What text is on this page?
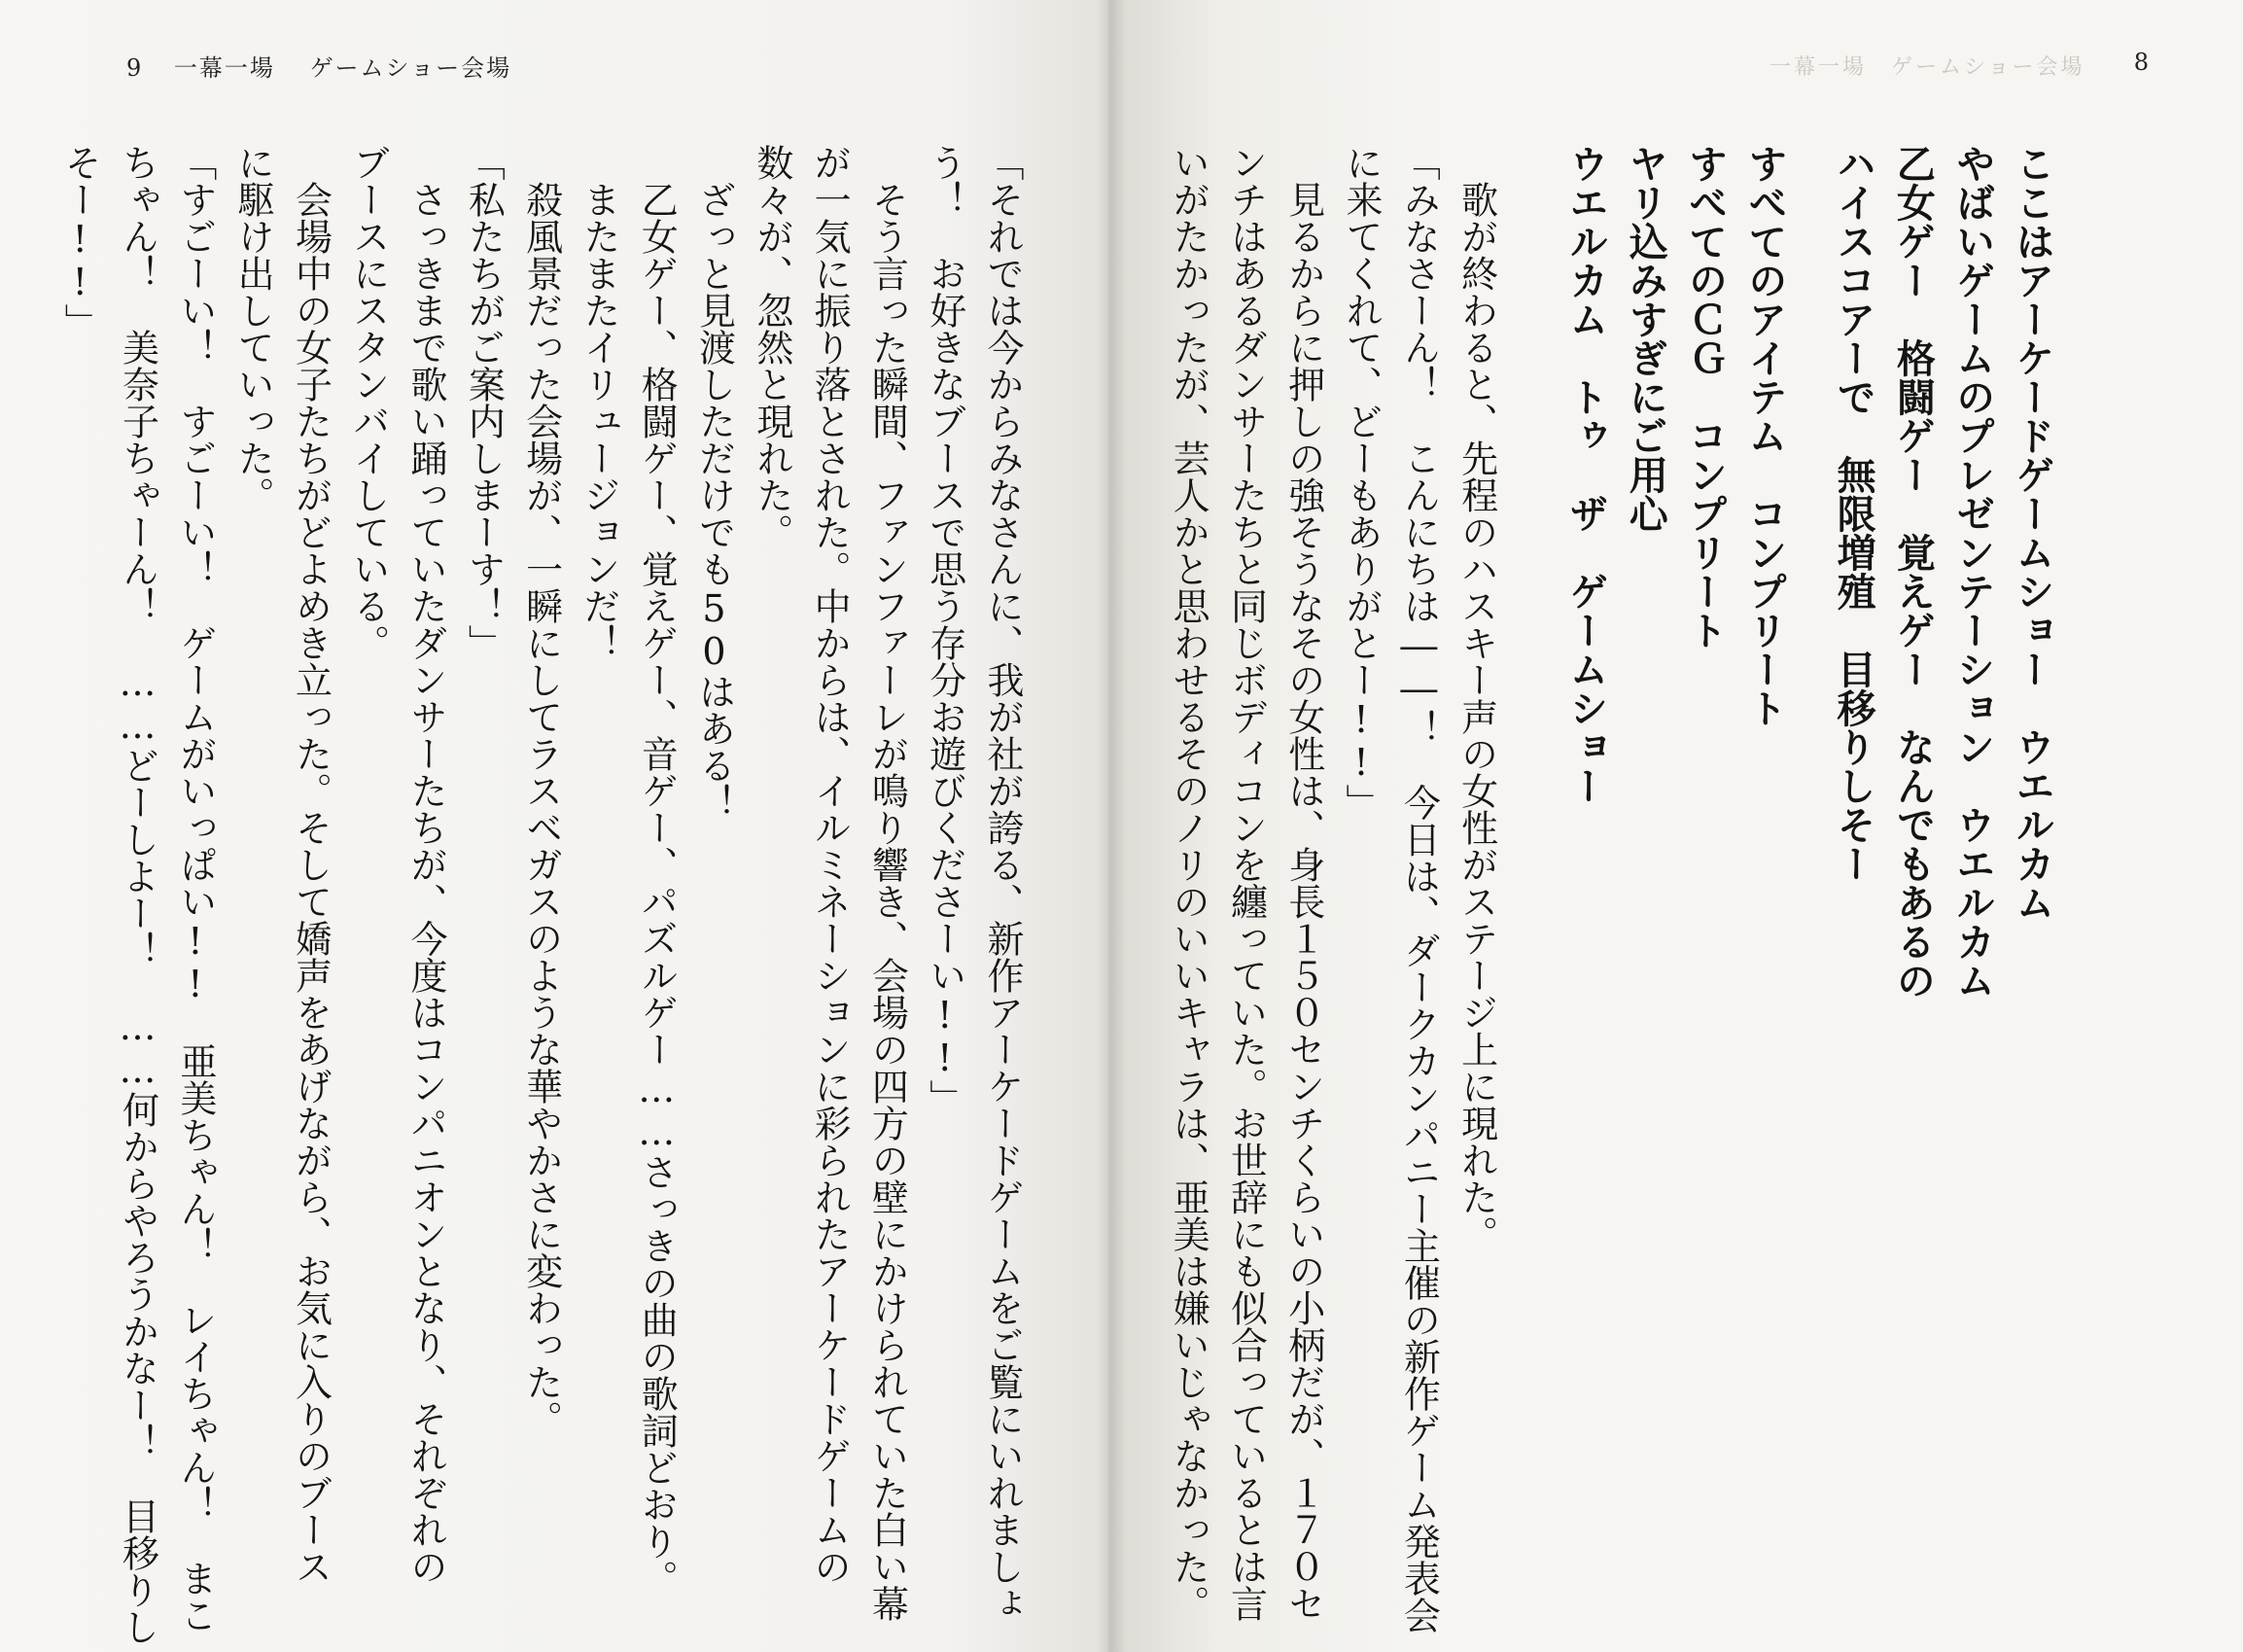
9 一幕一場 ゲームショー会場

「それでは今からみなさんに、我が社が誇る、新作アーケードゲームをご覧にいれましょ

う！　お好きなブースで思う存分お遊びくださーい!!」

　そう言った瞬間、ファンファーレが鳴り響き、会場の四方の壁にかけられていた白い幕

が一気に振り落とされた。中からは、イルミネーションに彩られたアーケードゲームの

数々が、忽然と現れた。

　ざっと見渡しただけでも50はある！

　乙女ゲー、格闘ゲー、覚えゲー、音ゲー、パズルゲー……さっきの曲の歌詞どおり。

　またまたイリュージョンだ！

　殺風景だった会場が、一瞬にしてラスベガスのような華やかさに変わった。

「私たちがご案内しまーす！」

　さっきまで歌い踊っていたダンサーたちが、今度はコンパニオンとなり、それぞれの

ブースにスタンバイしている。

　会場中の女子たちがどよめき立った。そして嬌声をあげながら、お気に入りのブース

に駆け出していった。

「すごーい！　すごーい！　ゲームがいっぱい!!　亜美ちゃん！　レイちゃん！　まこ

ちゃん！　美奈子ちゃーん！　……どーしよー！　……何からやろうかなー！　目移りし

そー!!」

8
一幕一場　ゲームショー会場

ここはアーケードゲームショー　ウエルカム

やばいゲームのプレゼンテーション　ウエルカム

乙女ゲー　格闘ゲー　覚えゲー　なんでもあるの

ハイスコアーで　無限増殖　目移りしそー

すべてのアイテム　コンプリート

すべてのＣＧ　コンプリート

ヤリ込みすぎにご用心

ウエルカム　トゥ　ザ　ゲームショー

　歌が終わると、先程のハスキー声の女性がステージ上に現れた。

「みなさーん！　こんにちは――！　今日は、ダークカンパニー主催の新作ゲーム発表会

に来てくれて、どーもありがとー!!」

　見るからに押しの強そうなその女性は、身長１５０センチくらいの小柄だが、１７０セ

ンチはあるダンサーたちと同じボディコンを纏っていた。お世辞にも似合っているとは言

いがたかったが、芸人かと思わせるそのノリのいいキャラは、亜美は嫌いじゃなかった。
